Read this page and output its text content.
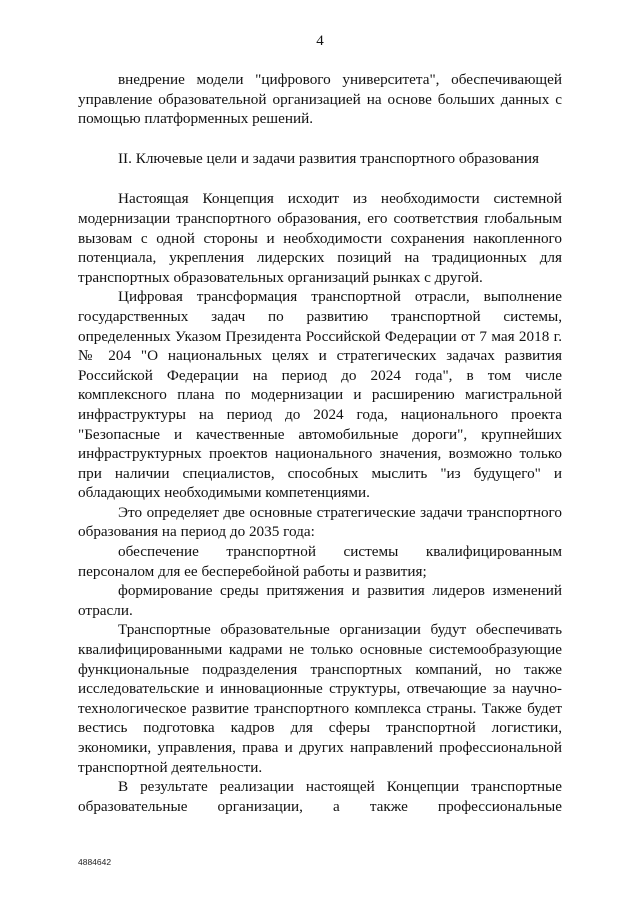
4

внедрение модели "цифрового университета", обеспечивающей управление образовательной организацией на основе больших данных с помощью платформенных решений.

II. Ключевые цели и задачи развития транспортного образования

Настоящая Концепция исходит из необходимости системной модернизации транспортного образования, его соответствия глобальным вызовам с одной стороны и необходимости сохранения накопленного потенциала, укрепления лидерских позиций на традиционных для транспортных образовательных организаций рынках с другой.

Цифровая трансформация транспортной отрасли, выполнение государственных задач по развитию транспортной системы, определенных Указом Президента Российской Федерации от 7 мая 2018 г. № 204 "О национальных целях и стратегических задачах развития Российской Федерации на период до 2024 года", в том числе комплексного плана по модернизации и расширению магистральной инфраструктуры на период до 2024 года, национального проекта "Безопасные и качественные автомобильные дороги", крупнейших инфраструктурных проектов национального значения, возможно только при наличии специалистов, способных мыслить "из будущего" и обладающих необходимыми компетенциями.

Это определяет две основные стратегические задачи транспортного образования на период до 2035 года:

обеспечение транспортной системы квалифицированным персоналом для ее бесперебойной работы и развития;

формирование среды притяжения и развития лидеров изменений отрасли.

Транспортные образовательные организации будут обеспечивать квалифицированными кадрами не только основные системообразующие функциональные подразделения транспортных компаний, но также исследовательские и инновационные структуры, отвечающие за научно-технологическое развитие транспортного комплекса страны. Также будет вестись подготовка кадров для сферы транспортной логистики, экономики, управления, права и других направлений профессиональной транспортной деятельности.

В результате реализации настоящей Концепции транспортные образовательные организации, а также профессиональные

4884642
